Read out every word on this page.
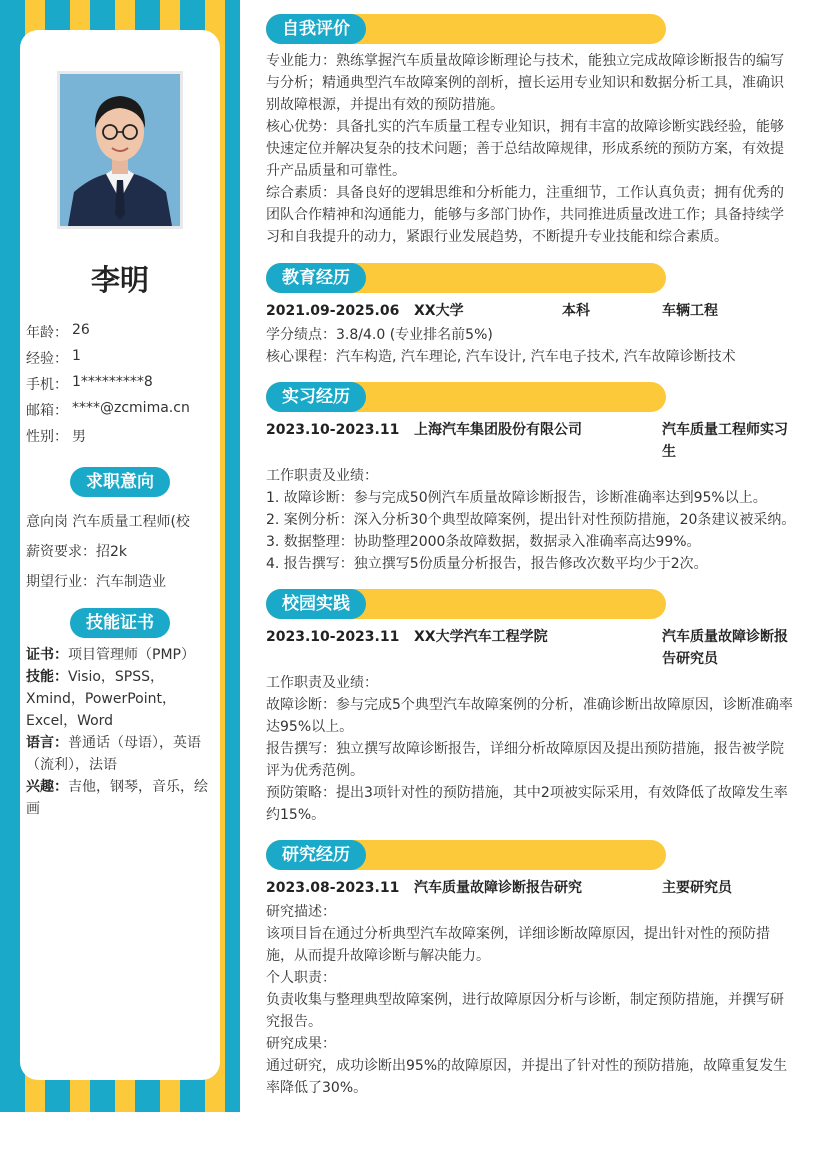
李明
年龄： 26
经验： 1
手机： 1*********8
邮箱： ****@zcmima.cn
性别： 男
求职意向
意向岗 汽车质量工程师(校
薪资要求：招2k
期望行业：汽车制造业
技能证书
证书：项目管理师（PMP）
技能：Visio，SPSS，Xmind，PowerPoint，Excel，Word
语言：普通话（母语），英语（流利），法语
兴趣：吉他，钢琴，音乐，绘画
自我评价
专业能力：熟练掌握汽车质量故障诊断理论与技术，能独立完成故障诊断报告的编写与分析；精通典型汽车故障案例的剖析，擅长运用专业知识和数据分析工具，准确识别故障根源，并提出有效的预防措施。
核心优势：具备扎实的汽车质量工程专业知识，拥有丰富的故障诊断实践经验，能够快速定位并解决复杂的技术问题；善于总结故障规律，形成系统的预防方案，有效提升产品质量和可靠性。
综合素质：具备良好的逻辑思维和分析能力，注重细节，工作认真负责；拥有优秀的团队合作精神和沟通能力，能够与多部门协作，共同推进质量改进工作；具备持续学习和自我提升的动力，紧跟行业发展趋势，不断提升专业技能和综合素质。
教育经历
2021.09-2025.06 XX大学	本科	车辆工程
学分绩点：3.8/4.0 (专业排名前5%)
核心课程：汽车构造, 汽车理论, 汽车设计, 汽车电子技术, 汽车故障诊断技术
实习经历
2023.10-2023.11 上海汽车集团股份有限公司	汽车质量工程师实习生
工作职责及业绩：
1. 故障诊断：参与完成50例汽车质量故障诊断报告，诊断准确率达到95%以上。
2. 案例分析：深入分析30个典型故障案例，提出针对性预防措施，20条建议被采纳。
3. 数据整理：协助整理2000条故障数据，数据录入准确率高达99%。
4. 报告撰写：独立撰写5份质量分析报告，报告修改次数平均少于2次。
校园实践
2023.10-2023.11 XX大学汽车工程学院	汽车质量故障诊断报告研究员
工作职责及业绩：
故障诊断：参与完成5个典型汽车故障案例的分析，准确诊断出故障原因，诊断准确率达95%以上。
报告撰写：独立撰写故障诊断报告，详细分析故障原因及提出预防措施，报告被学院评为优秀范例。
预防策略：提出3项针对性的预防措施，其中2项被实际采用，有效降低了故障发生率约15%。
研究经历
2023.08-2023.11 汽车质量故障诊断报告研究	主要研究员
研究描述：
该项目旨在通过分析典型汽车故障案例，详细诊断故障原因，提出针对性的预防措施，从而提升故障诊断与解决能力。
个人职责：
负责收集与整理典型故障案例，进行故障原因分析与诊断，制定预防措施，并撰写研究报告。
研究成果：
通过研究，成功诊断出95%的故障原因，并提出了针对性的预防措施，故障重复发生率降低了30%。
